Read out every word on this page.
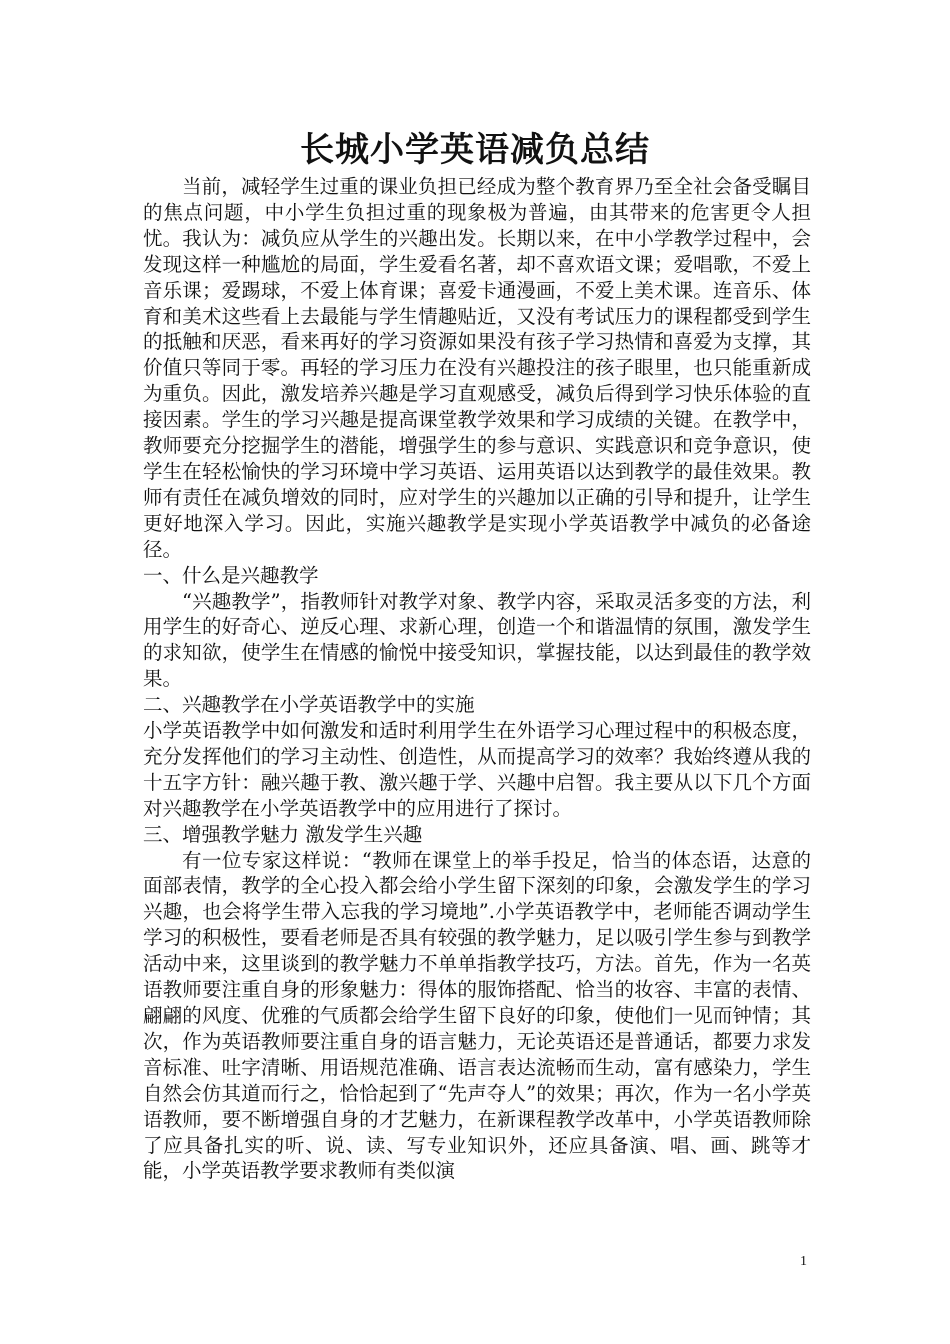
长城小学英语减负总结

当前，减轻学生过重的课业负担已经成为整个教育界乃至全社会备受瞩目的焦点问题，中小学生负担过重的现象极为普遍，由其带来的危害更令人担忧。我认为：减负应从学生的兴趣出发。长期以来，在中小学教学过程中，会发现这样一种尴尬的局面，学生爱看名著，却不喜欢语文课；爱唱歌，不爱上音乐课；爱踢球，不爱上体育课；喜爱卡通漫画，不爱上美术课。连音乐、体育和美术这些看上去最能与学生情趣贴近，又没有考试压力的课程都受到学生的抵触和厌恶，看来再好的学习资源如果没有孩子学习热情和喜爱为支撑，其价值只等同于零。再轻的学习压力在没有兴趣投注的孩子眼里，也只能重新成为重负。因此，激发培养兴趣是学习直观感受，减负后得到学习快乐体验的直接因素。学生的学习兴趣是提高课堂教学效果和学习成绩的关键。在教学中，教师要充分挖掘学生的潜能，增强学生的参与意识、实践意识和竞争意识，使学生在轻松愉快的学习环境中学习英语、运用英语以达到教学的最佳效果。教师有责任在减负增效的同时，应对学生的兴趣加以正确的引导和提升，让学生更好地深入学习。因此，实施兴趣教学是实现小学英语教学中减负的必备途径。

一、什么是兴趣教学

“兴趣教学”，指教师针对教学对象、教学内容，采取灵活多变的方法，利用学生的好奇心、逆反心理、求新心理，创造一个和谐温情的氛围，激发学生的求知欲，使学生在情感的愉悦中接受知识，掌握技能，以达到最佳的教学效果。

二、兴趣教学在小学英语教学中的实施

小学英语教学中如何激发和适时利用学生在外语学习心理过程中的积极态度，充分发挥他们的学习主动性、创造性，从而提高学习的效率？我始终遵从我的十五字方针：融兴趣于教、激兴趣于学、兴趣中启智。我主要从以下几个方面对兴趣教学在小学英语教学中的应用进行了探讨。

三、增强教学魅力 激发学生兴趣

有一位专家这样说：“教师在课堂上的举手投足，恰当的体态语，达意的面部表情，教学的全心投入都会给小学生留下深刻的印象，会激发学生的学习兴趣，也会将学生带入忘我的学习境地”.小学英语教学中，老师能否调动学生学习的积极性，要看老师是否具有较强的教学魅力，足以吸引学生参与到教学活动中来，这里谈到的教学魅力不单单指教学技巧，方法。首先，作为一名英语教师要注重自身的形象魅力：得体的服饰搭配、恰当的妆容、丰富的表情、翩翩的风度、优雅的气质都会给学生留下良好的印象，使他们一见而钟情；其次，作为英语教师要注重自身的语言魅力，无论英语还是普通话，都要力求发音标准、吐字清晰、用语规范准确、语言表达流畅而生动，富有感染力，学生自然会仿其道而行之，恰恰起到了“先声夺人”的效果；再次，作为一名小学英语教师，要不断增强自身的才艺魅力，在新课程教学改革中，小学英语教师除了应具备扎实的听、说、读、写专业知识外，还应具备演、唱、画、跳等才能，小学英语教学要求教师有类似演

1
